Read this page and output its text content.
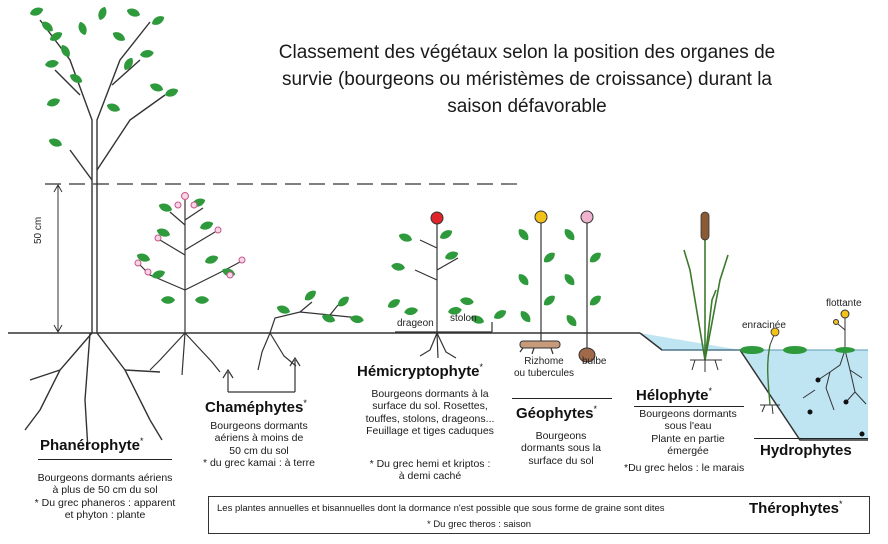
Classement des végétaux selon la position des organes de
survie (bourgeons ou méristèmes de croissance) durant la
saison défavorable
50 cm
Phanérophyte*
Bourgeons dormants aériens
à plus de 50 cm du sol
* Du grec phaneros : apparent
et phyton : plante
Chaméphytes*
Bourgeons dormants
aériens à moins de
50 cm du sol
* du grec kamai : à terre
drageon stolon
Hémicryptophyte*
Bourgeons dormants à la
surface du sol. Rosettes,
touffes, stolons, drageons...
Feuillage et tiges caduques
* Du grec hemi et kriptos :
à demi caché
Rizhome
ou tubercules
bulbe
Géophytes*
Bourgeons
dormants sous la
surface du sol
Hélophyte*
Bourgeons dormants
sous l'eau
Plante en partie
émergée
*Du grec helos : le marais
enracinée
flottante
Hydrophytes
Les plantes annuelles et bisannuelles dont la dormance n'est possible que sous forme de graine sont dites	Thérophytes*
* Du grec theros : saison
